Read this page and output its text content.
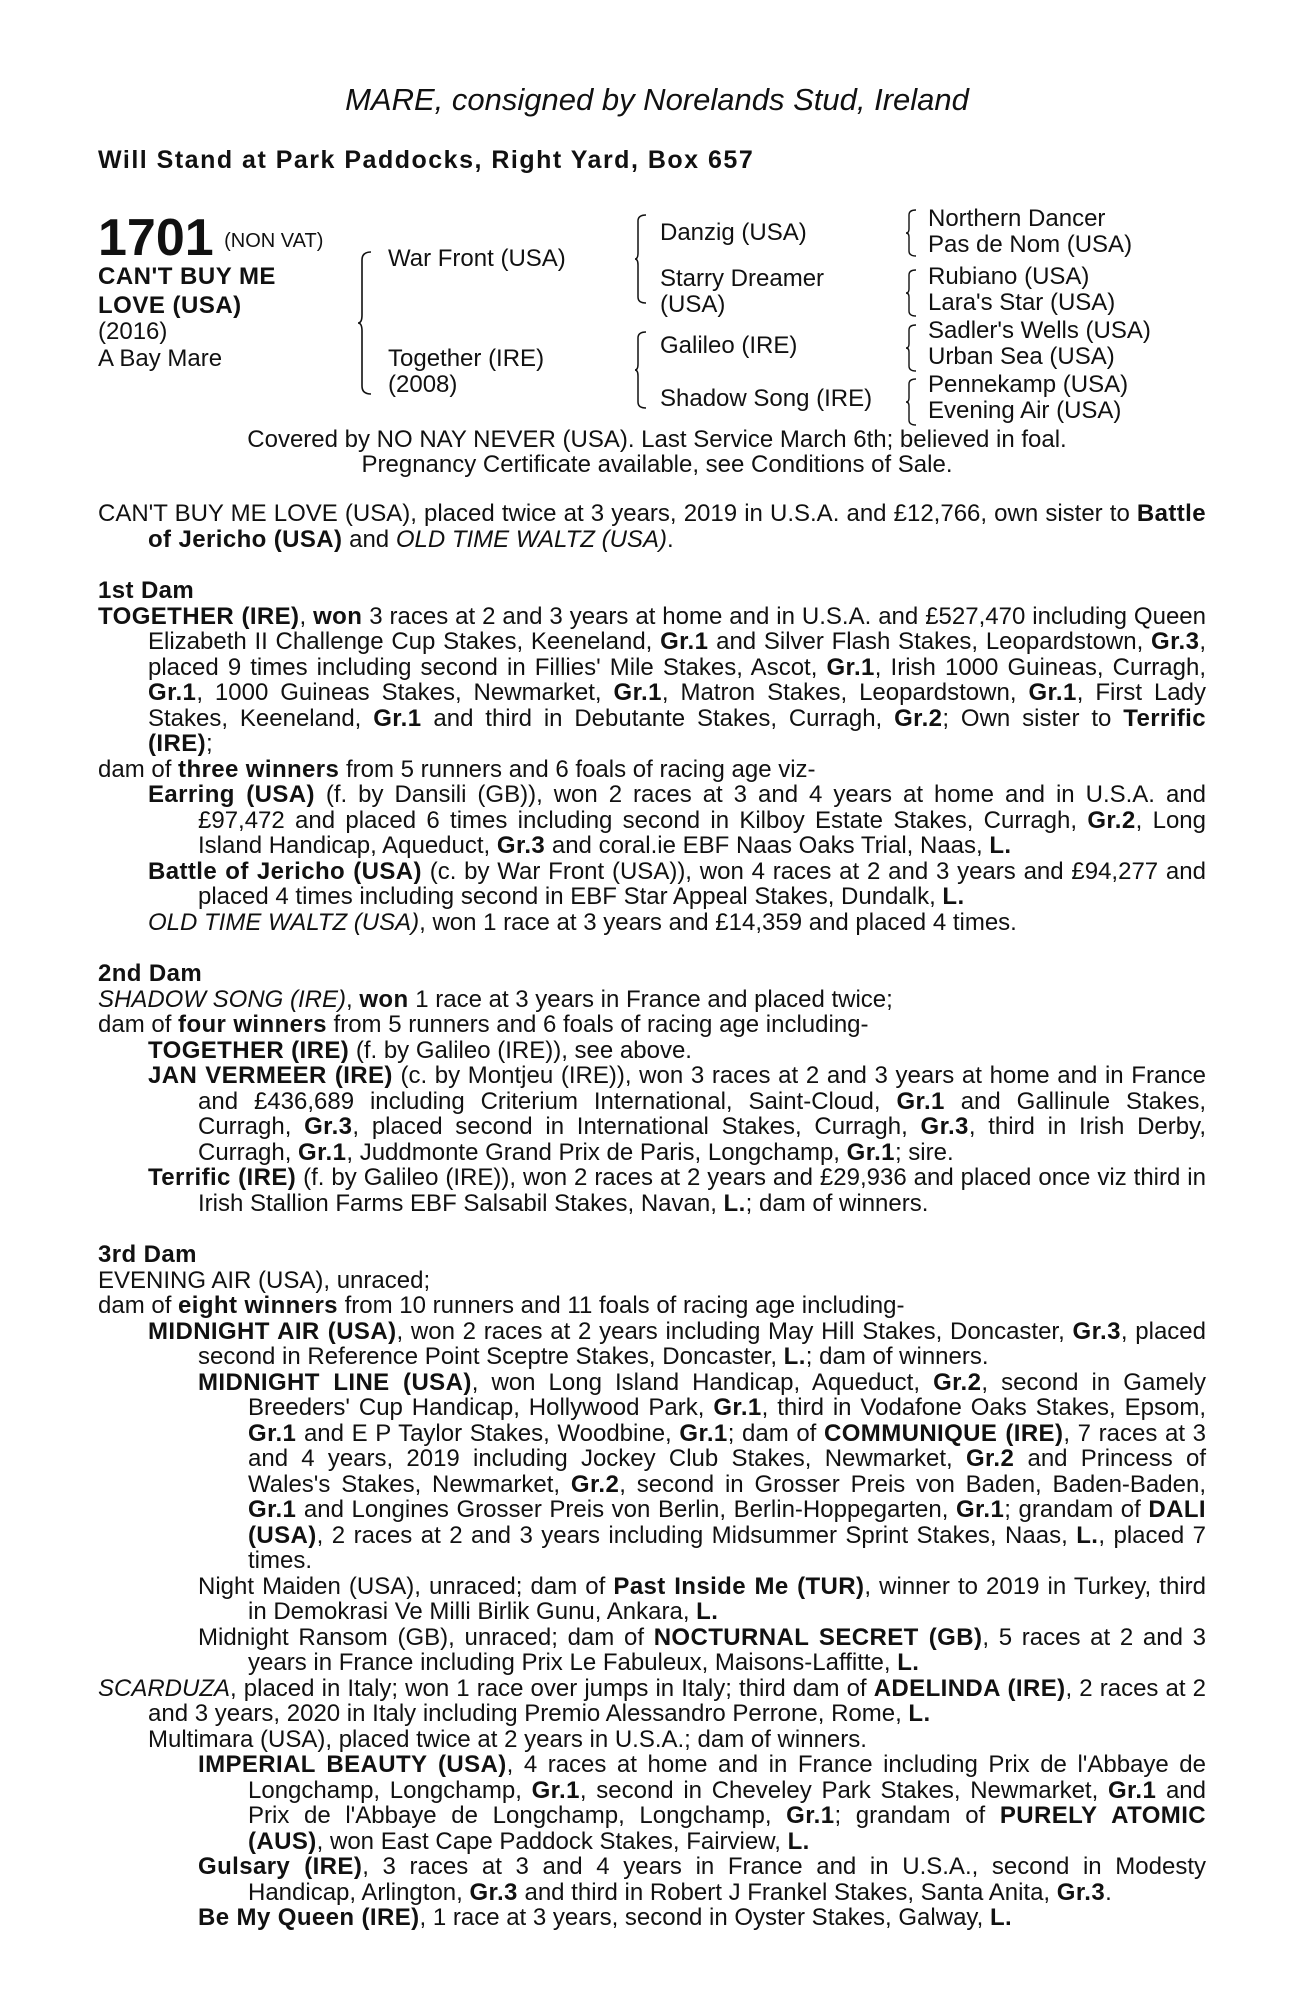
MARE, consigned by Norelands Stud, Ireland
Will Stand at Park Paddocks, Right Yard, Box 657
1701 (NON VAT)
CAN'T BUY ME
LOVE (USA)
(2016)
A Bay Mare
War Front (USA)
Together (IRE)
(2008)
Danzig (USA)
Starry Dreamer
(USA)
Galileo (IRE)
Shadow Song (IRE)
Northern Dancer
Pas de Nom (USA)
Rubiano (USA)
Lara's Star (USA)
Sadler's Wells (USA)
Urban Sea (USA)
Pennekamp (USA)
Evening Air (USA)
Covered by NO NAY NEVER (USA). Last Service March 6th; believed in foal.
Pregnancy Certificate available, see Conditions of Sale.

CAN'T BUY ME LOVE (USA), placed twice at 3 years, 2019 in U.S.A. and £12,766, own sister to Battle of Jericho (USA) and OLD TIME WALTZ (USA).

1st Dam

TOGETHER (IRE), won 3 races at 2 and 3 years at home and in U.S.A. and £527,470 including Queen Elizabeth II Challenge Cup Stakes, Keeneland, Gr.1 and Silver Flash Stakes, Leopardstown, Gr.3, placed 9 times including second in Fillies' Mile Stakes, Ascot, Gr.1, Irish 1000 Guineas, Curragh, Gr.1, 1000 Guineas Stakes, Newmarket, Gr.1, Matron Stakes, Leopardstown, Gr.1, First Lady Stakes, Keeneland, Gr.1 and third in Debutante Stakes, Curragh, Gr.2; Own sister to Terrific (IRE);

dam of three winners from 5 runners and 6 foals of racing age viz-

Earring (USA) (f. by Dansili (GB)), won 2 races at 3 and 4 years at home and in U.S.A. and £97,472 and placed 6 times including second in Kilboy Estate Stakes, Curragh, Gr.2, Long Island Handicap, Aqueduct, Gr.3 and coral.ie EBF Naas Oaks Trial, Naas, L.

Battle of Jericho (USA) (c. by War Front (USA)), won 4 races at 2 and 3 years and £94,277 and placed 4 times including second in EBF Star Appeal Stakes, Dundalk, L.

OLD TIME WALTZ (USA), won 1 race at 3 years and £14,359 and placed 4 times.

2nd Dam

SHADOW SONG (IRE), won 1 race at 3 years in France and placed twice;

dam of four winners from 5 runners and 6 foals of racing age including-

TOGETHER (IRE) (f. by Galileo (IRE)), see above.

JAN VERMEER (IRE) (c. by Montjeu (IRE)), won 3 races at 2 and 3 years at home and in France and £436,689 including Criterium International, Saint-Cloud, Gr.1 and Gallinule Stakes, Curragh, Gr.3, placed second in International Stakes, Curragh, Gr.3, third in Irish Derby, Curragh, Gr.1, Juddmonte Grand Prix de Paris, Longchamp, Gr.1; sire.

Terrific (IRE) (f. by Galileo (IRE)), won 2 races at 2 years and £29,936 and placed once viz third in Irish Stallion Farms EBF Salsabil Stakes, Navan, L.; dam of winners.

3rd Dam

EVENING AIR (USA), unraced;

dam of eight winners from 10 runners and 11 foals of racing age including-

MIDNIGHT AIR (USA), won 2 races at 2 years including May Hill Stakes, Doncaster, Gr.3, placed second in Reference Point Sceptre Stakes, Doncaster, L.; dam of winners.

MIDNIGHT LINE (USA), won Long Island Handicap, Aqueduct, Gr.2, second in Gamely Breeders' Cup Handicap, Hollywood Park, Gr.1, third in Vodafone Oaks Stakes, Epsom, Gr.1 and E P Taylor Stakes, Woodbine, Gr.1; dam of COMMUNIQUE (IRE), 7 races at 3 and 4 years, 2019 including Jockey Club Stakes, Newmarket, Gr.2 and Princess of Wales's Stakes, Newmarket, Gr.2, second in Grosser Preis von Baden, Baden-Baden, Gr.1 and Longines Grosser Preis von Berlin, Berlin-Hoppegarten, Gr.1; grandam of DALI (USA), 2 races at 2 and 3 years including Midsummer Sprint Stakes, Naas, L., placed 7 times.

Night Maiden (USA), unraced; dam of Past Inside Me (TUR), winner to 2019 in Turkey, third in Demokrasi Ve Milli Birlik Gunu, Ankara, L.

Midnight Ransom (GB), unraced; dam of NOCTURNAL SECRET (GB), 5 races at 2 and 3 years in France including Prix Le Fabuleux, Maisons-Laffitte, L.

SCARDUZA, placed in Italy; won 1 race over jumps in Italy; third dam of ADELINDA (IRE), 2 races at 2 and 3 years, 2020 in Italy including Premio Alessandro Perrone, Rome, L.

Multimara (USA), placed twice at 2 years in U.S.A.; dam of winners.

IMPERIAL BEAUTY (USA), 4 races at home and in France including Prix de l'Abbaye de Longchamp, Longchamp, Gr.1, second in Cheveley Park Stakes, Newmarket, Gr.1 and Prix de l'Abbaye de Longchamp, Longchamp, Gr.1; grandam of PURELY ATOMIC (AUS), won East Cape Paddock Stakes, Fairview, L.

Gulsary (IRE), 3 races at 3 and 4 years in France and in U.S.A., second in Modesty Handicap, Arlington, Gr.3 and third in Robert J Frankel Stakes, Santa Anita, Gr.3.

Be My Queen (IRE), 1 race at 3 years, second in Oyster Stakes, Galway, L.
